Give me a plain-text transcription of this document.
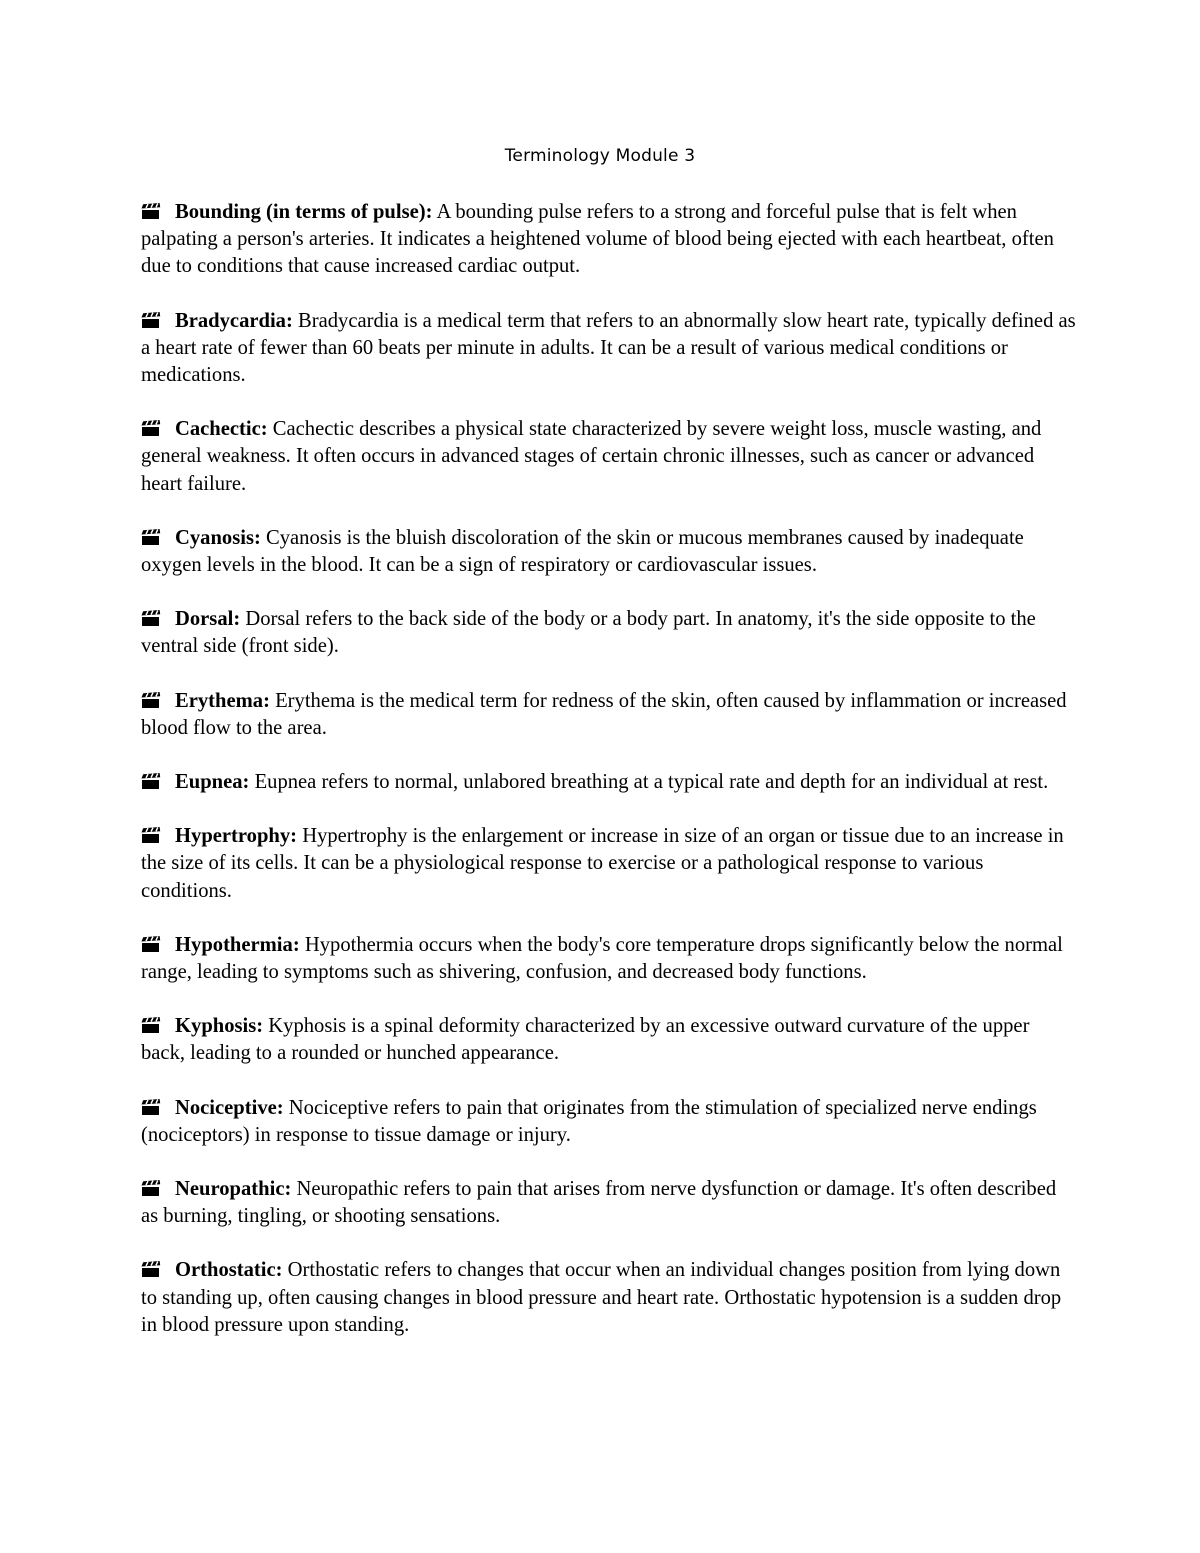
Terminology Module 3
Bounding (in terms of pulse): A bounding pulse refers to a strong and forceful pulse that is felt when palpating a person's arteries. It indicates a heightened volume of blood being ejected with each heartbeat, often due to conditions that cause increased cardiac output.
Bradycardia: Bradycardia is a medical term that refers to an abnormally slow heart rate, typically defined as a heart rate of fewer than 60 beats per minute in adults. It can be a result of various medical conditions or medications.
Cachectic: Cachectic describes a physical state characterized by severe weight loss, muscle wasting, and general weakness. It often occurs in advanced stages of certain chronic illnesses, such as cancer or advanced heart failure.
Cyanosis: Cyanosis is the bluish discoloration of the skin or mucous membranes caused by inadequate oxygen levels in the blood. It can be a sign of respiratory or cardiovascular issues.
Dorsal: Dorsal refers to the back side of the body or a body part. In anatomy, it's the side opposite to the ventral side (front side).
Erythema: Erythema is the medical term for redness of the skin, often caused by inflammation or increased blood flow to the area.
Eupnea: Eupnea refers to normal, unlabored breathing at a typical rate and depth for an individual at rest.
Hypertrophy: Hypertrophy is the enlargement or increase in size of an organ or tissue due to an increase in the size of its cells. It can be a physiological response to exercise or a pathological response to various conditions.
Hypothermia: Hypothermia occurs when the body's core temperature drops significantly below the normal range, leading to symptoms such as shivering, confusion, and decreased body functions.
Kyphosis: Kyphosis is a spinal deformity characterized by an excessive outward curvature of the upper back, leading to a rounded or hunched appearance.
Nociceptive: Nociceptive refers to pain that originates from the stimulation of specialized nerve endings (nociceptors) in response to tissue damage or injury.
Neuropathic: Neuropathic refers to pain that arises from nerve dysfunction or damage. It's often described as burning, tingling, or shooting sensations.
Orthostatic: Orthostatic refers to changes that occur when an individual changes position from lying down to standing up, often causing changes in blood pressure and heart rate. Orthostatic hypotension is a sudden drop in blood pressure upon standing.
